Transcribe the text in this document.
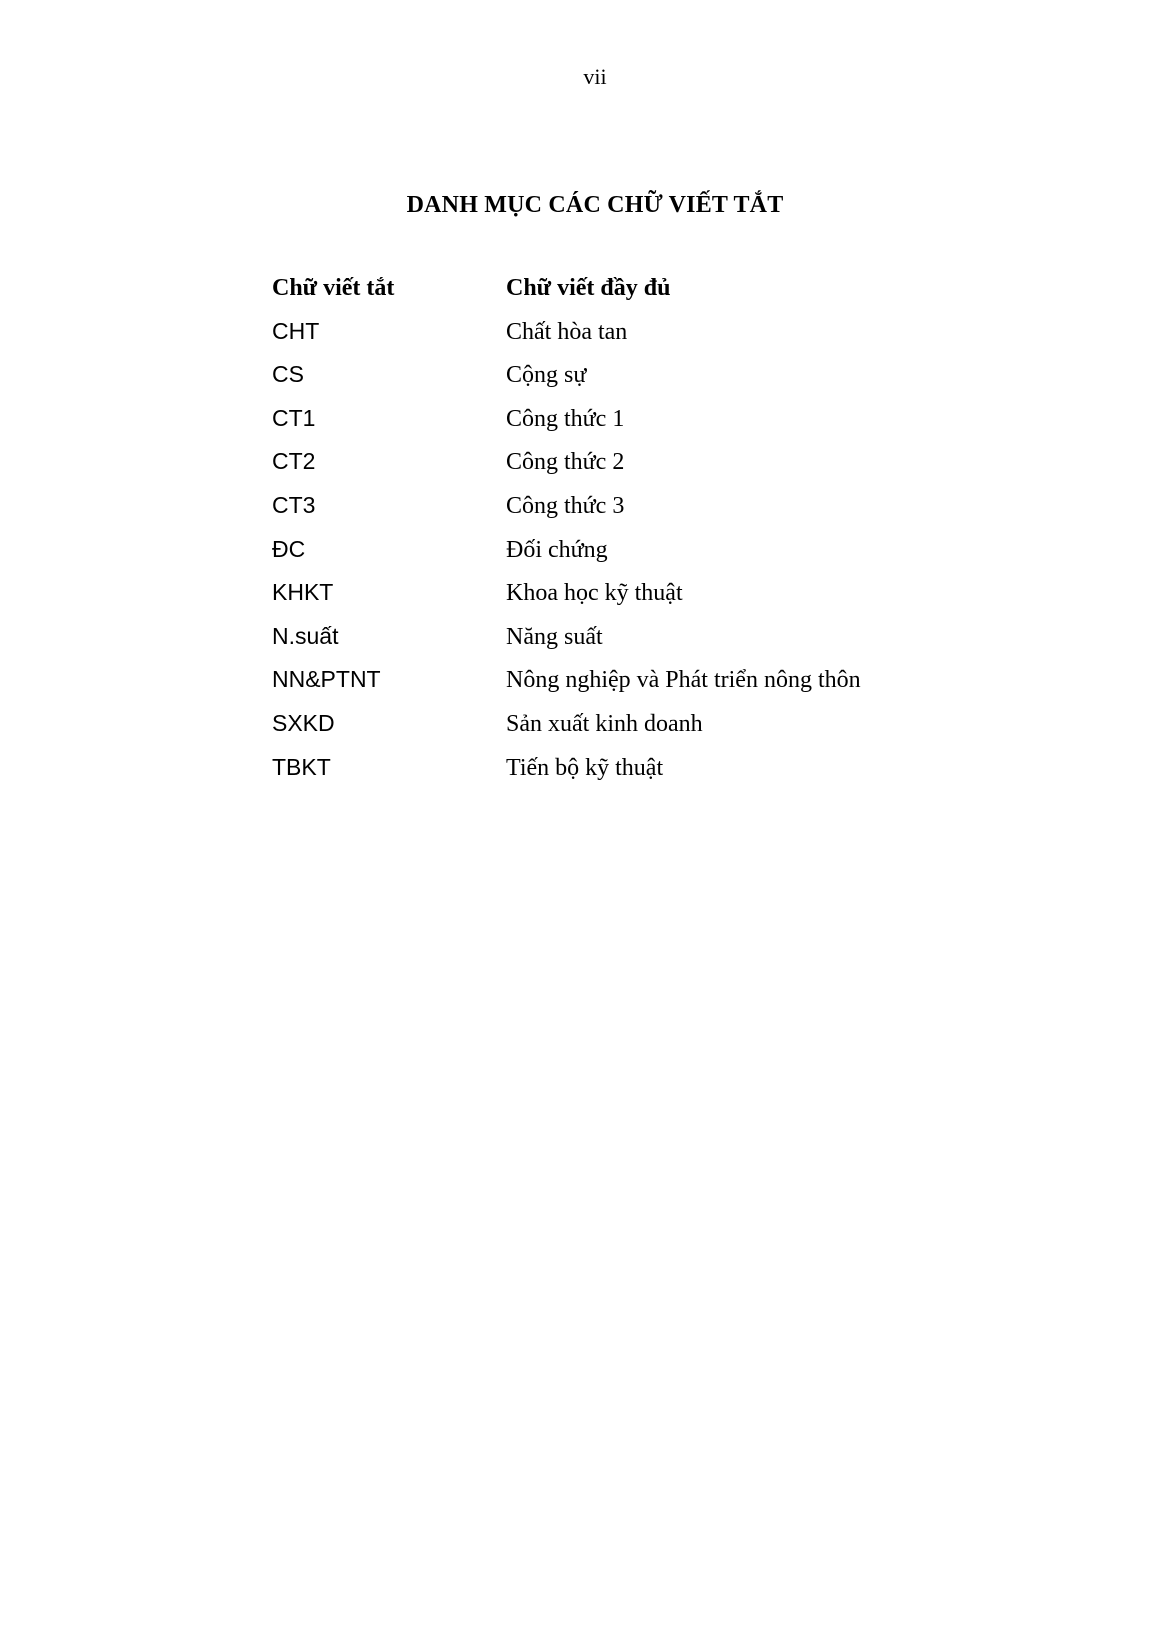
vii
DANH MỤC CÁC CHỮ VIẾT TẮT
Chữ viết tắt	Chữ viết đầy đủ
CHT	Chất hòa tan
CS	Cộng sự
CT1	Công thức 1
CT2	Công thức 2
CT3	Công thức 3
ĐC	Đối chứng
KHKT	Khoa học kỹ thuật
N.suất	Năng suất
NN&PTNT	Nông nghiệp và Phát triển nông thôn
SXKD	Sản xuất kinh doanh
TBKT	Tiến bộ kỹ thuật
